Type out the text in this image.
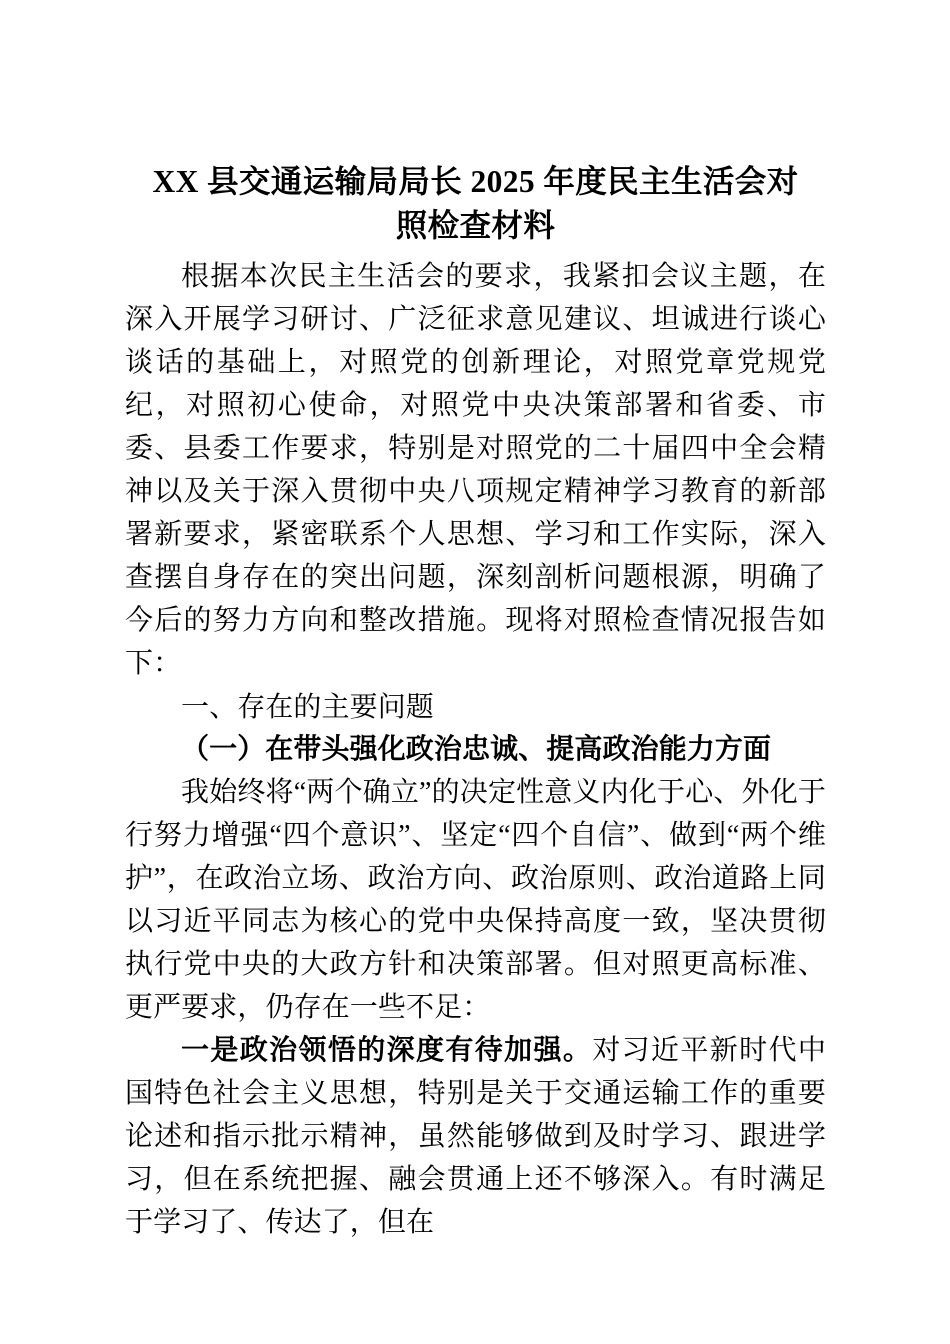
XX 县交通运输局局长 2025 年度民主生活会对
照检查材料

根据本次民主生活会的要求，我紧扣会议主题，在深入开展学习研讨、广泛征求意见建议、坦诚进行谈心谈话的基础上，对照党的创新理论，对照党章党规党纪，对照初心使命，对照党中央决策部署和省委、市委、县委工作要求，特别是对照党的二十届四中全会精神以及关于深入贯彻中央八项规定精神学习教育的新部署新要求，紧密联系个人思想、学习和工作实际，深入查摆自身存在的突出问题，深刻剖析问题根源，明确了今后的努力方向和整改措施。现将对照检查情况报告如下：

一、存在的主要问题

（一）在带头强化政治忠诚、提高政治能力方面

我始终将“两个确立”的决定性意义内化于心、外化于行努力增强“四个意识”、坚定“四个自信”、做到“两个维护”，在政治立场、政治方向、政治原则、政治道路上同以习近平同志为核心的党中央保持高度一致，坚决贯彻执行党中央的大政方针和决策部署。但对照更高标准、更严要求，仍存在一些不足：

一是政治领悟的深度有待加强。对习近平新时代中国特色社会主义思想，特别是关于交通运输工作的重要论述和指示批示精神，虽然能够做到及时学习、跟进学习，但在系统把握、融会贯通上还不够深入。有时满足于学习了、传达了，但在
